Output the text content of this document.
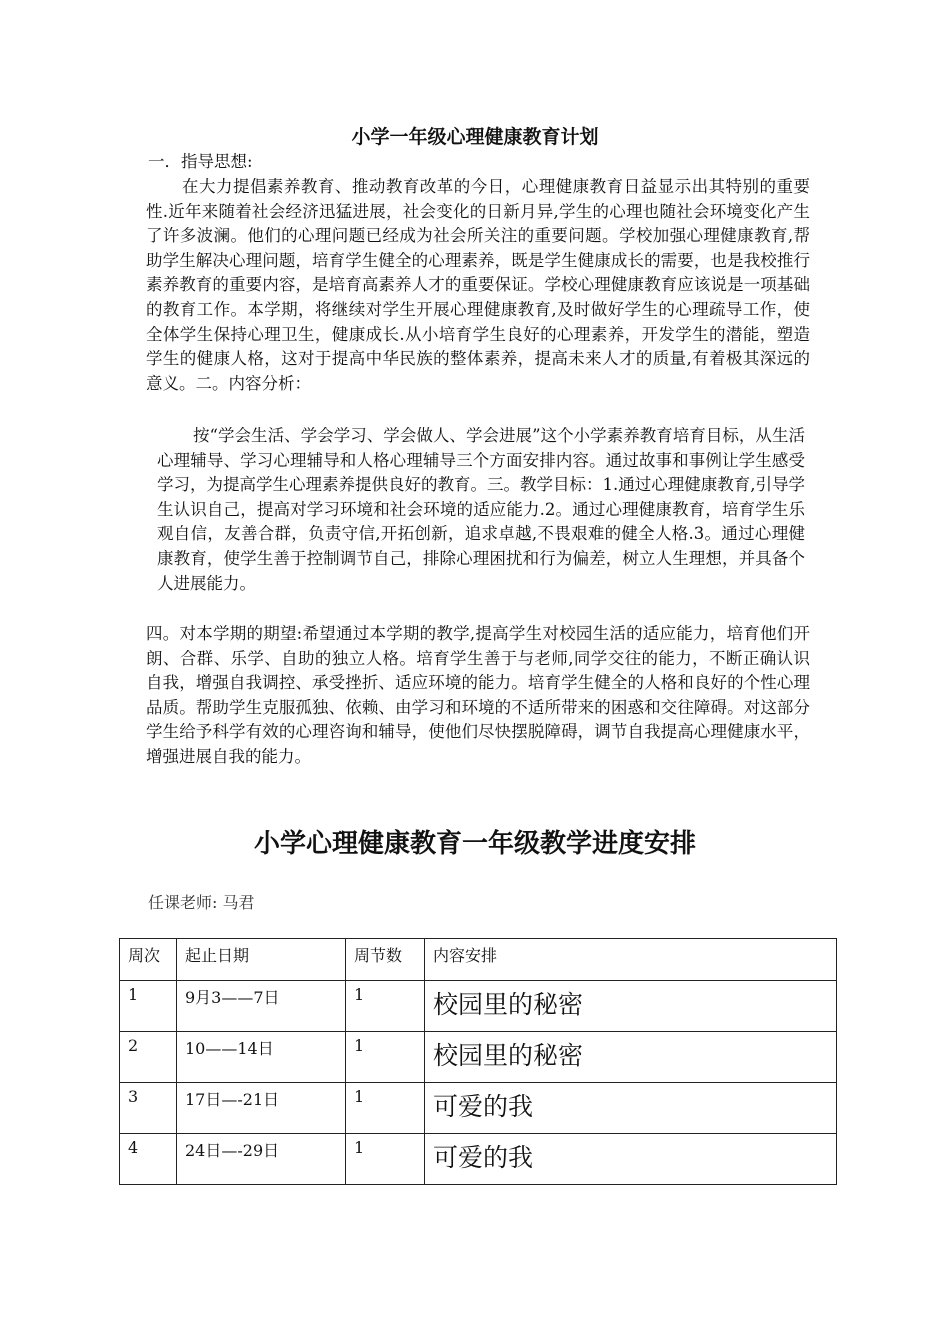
小学一年级心理健康教育计划

一．指导思想:

在大力提倡素养教育、推动教育改革的今日，心理健康教育日益显示出其特别的重要性.近年来随着社会经济迅猛进展，社会变化的日新月异,学生的心理也随社会环境变化产生了许多波澜。他们的心理问题已经成为社会所关注的重要问题。学校加强心理健康教育,帮助学生解决心理问题，培育学生健全的心理素养，既是学生健康成长的需要，也是我校推行素养教育的重要内容，是培育高素养人才的重要保证。学校心理健康教育应该说是一项基础的教育工作。本学期，将继续对学生开展心理健康教育,及时做好学生的心理疏导工作，使全体学生保持心理卫生，健康成长.从小培育学生良好的心理素养，开发学生的潜能，塑造学生的健康人格，这对于提高中华民族的整体素养，提高未来人才的质量,有着极其深远的意义。二。内容分析：

按“学会生活、学会学习、学会做人、学会进展”这个小学素养教育培育目标，从生活心理辅导、学习心理辅导和人格心理辅导三个方面安排内容。通过故事和事例让学生感受学习，为提高学生心理素养提供良好的教育。三。教学目标：1.通过心理健康教育,引导学生认识自己，提高对学习环境和社会环境的适应能力.2。通过心理健康教育，培育学生乐观自信，友善合群，负责守信,开拓创新，追求卓越,不畏艰难的健全人格.3。通过心理健康教育，使学生善于控制调节自己，排除心理困扰和行为偏差，树立人生理想，并具备个人进展能力。

四。对本学期的期望:希望通过本学期的教学,提高学生对校园生活的适应能力，培育他们开朗、合群、乐学、自助的独立人格。培育学生善于与老师,同学交往的能力，不断正确认识自我，增强自我调控、承受挫折、适应环境的能力。培育学生健全的人格和良好的个性心理品质。帮助学生克服孤独、依赖、由学习和环境的不适所带来的困惑和交往障碍。对这部分学生给予科学有效的心理咨询和辅导，使他们尽快摆脱障碍，调节自我提高心理健康水平，增强进展自我的能力。

小学心理健康教育一年级教学进度安排
任课老师: 马君
周次	起止日期	周节数	内容安排
1	9月3——7日	1	校园里的秘密
2	10——14日	1	校园里的秘密
3	17日—-21日	1	可爱的我
4	24日—-29日	1	可爱的我
